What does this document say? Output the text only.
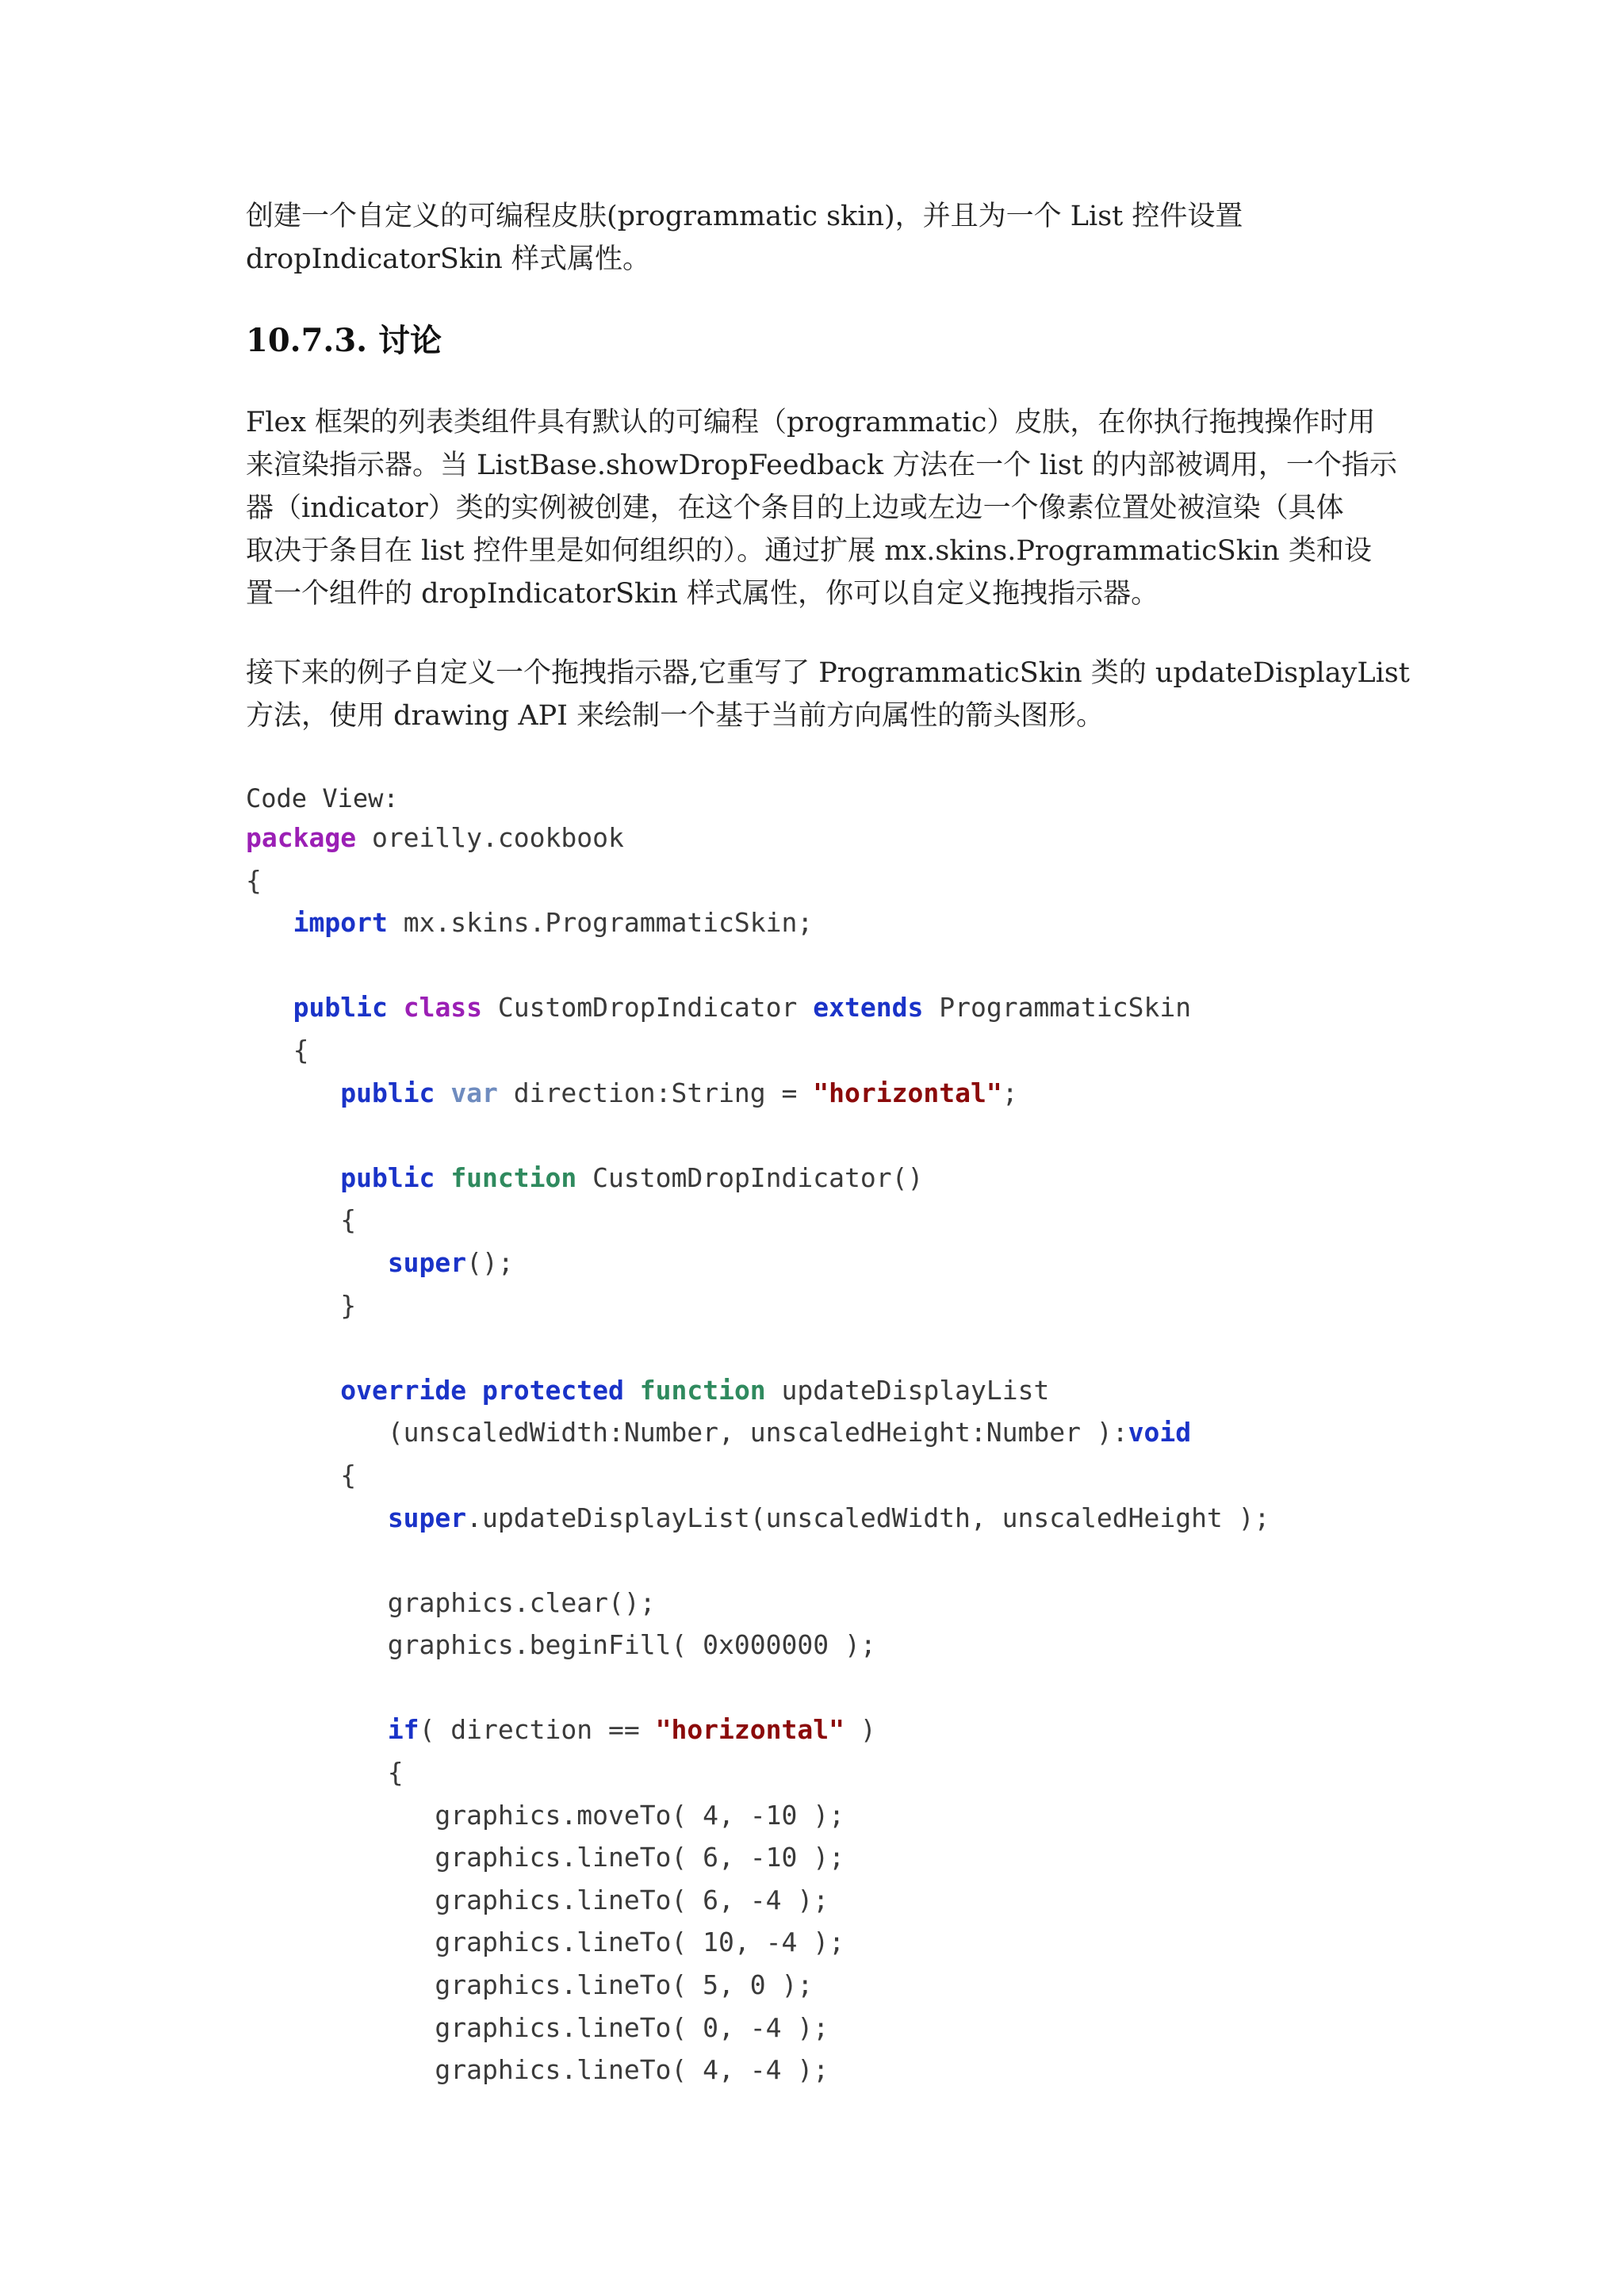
创建一个自定义的可编程皮肤(programmatic skin)，并且为一个 List 控件设置
dropIndicatorSkin 样式属性。
10.7.3. 讨论
Flex 框架的列表类组件具有默认的可编程（programmatic）皮肤，在你执行拖拽操作时用
来渲染指示器。当 ListBase.showDropFeedback 方法在一个 list 的内部被调用，一个指示
器（indicator）类的实例被创建，在这个条目的上边或左边一个像素位置处被渲染（具体
取决于条目在 list 控件里是如何组织的）。通过扩展 mx.skins.ProgrammaticSkin 类和设
置一个组件的 dropIndicatorSkin 样式属性，你可以自定义拖拽指示器。
接下来的例子自定义一个拖拽指示器,它重写了 ProgrammaticSkin 类的 updateDisplayList
方法，使用 drawing API 来绘制一个基于当前方向属性的箭头图形。
Code View:
package oreilly.cookbook
{
import mx.skins.ProgrammaticSkin;

public class CustomDropIndicator extends ProgrammaticSkin
{
public var direction:String = "horizontal";

public function CustomDropIndicator()
{
super();
}

override protected function updateDisplayList
(unscaledWidth:Number, unscaledHeight:Number ):void
{
super.updateDisplayList(unscaledWidth, unscaledHeight );

graphics.clear();
graphics.beginFill( 0x000000 );

if( direction == "horizontal" )
{
graphics.moveTo( 4, -10 );
graphics.lineTo( 6, -10 );
graphics.lineTo( 6, -4 );
graphics.lineTo( 10, -4 );
graphics.lineTo( 5, 0 );
graphics.lineTo( 0, -4 );
graphics.lineTo( 4, -4 );
